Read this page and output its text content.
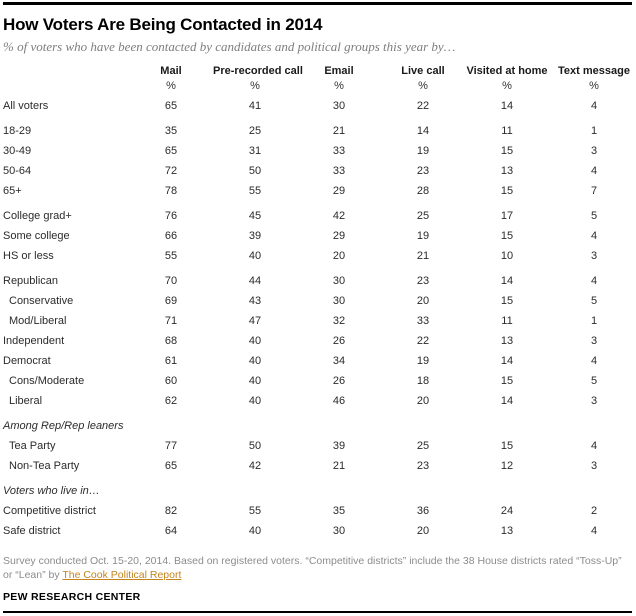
How Voters Are Being Contacted in 2014
% of voters who have been contacted by candidates and political groups this year by…
	Mail	Pre-recorded call	Email	Live call	Visited at home	Text message
	%	%	%	%	%	%
All voters	65	41	30	22	14	4

18-29	35	25	21	14	11	1
30-49	65	31	33	19	15	3
50-64	72	50	33	23	13	4
65+	78	55	29	28	15	7

College grad+	76	45	42	25	17	5
Some college	66	39	29	19	15	4
HS or less	55	40	20	21	10	3

Republican	70	44	30	23	14	4
Conservative	69	43	30	20	15	5
Mod/Liberal	71	47	32	33	11	1
Independent	68	40	26	22	13	3
Democrat	61	40	34	19	14	4
Cons/Moderate	60	40	26	18	15	5
Liberal	62	40	46	20	14	3

Among Rep/Rep leaners						
Tea Party	77	50	39	25	15	4
Non-Tea Party	65	42	21	23	12	3

Voters who live in…						
Competitive district	82	55	35	36	24	2
Safe district	64	40	30	20	13	4
Survey conducted Oct. 15-20, 2014. Based on registered voters. “Competitive districts” include the 38 House districts rated “Toss-Up” or “Lean” by The Cook Political Report
PEW RESEARCH CENTER
